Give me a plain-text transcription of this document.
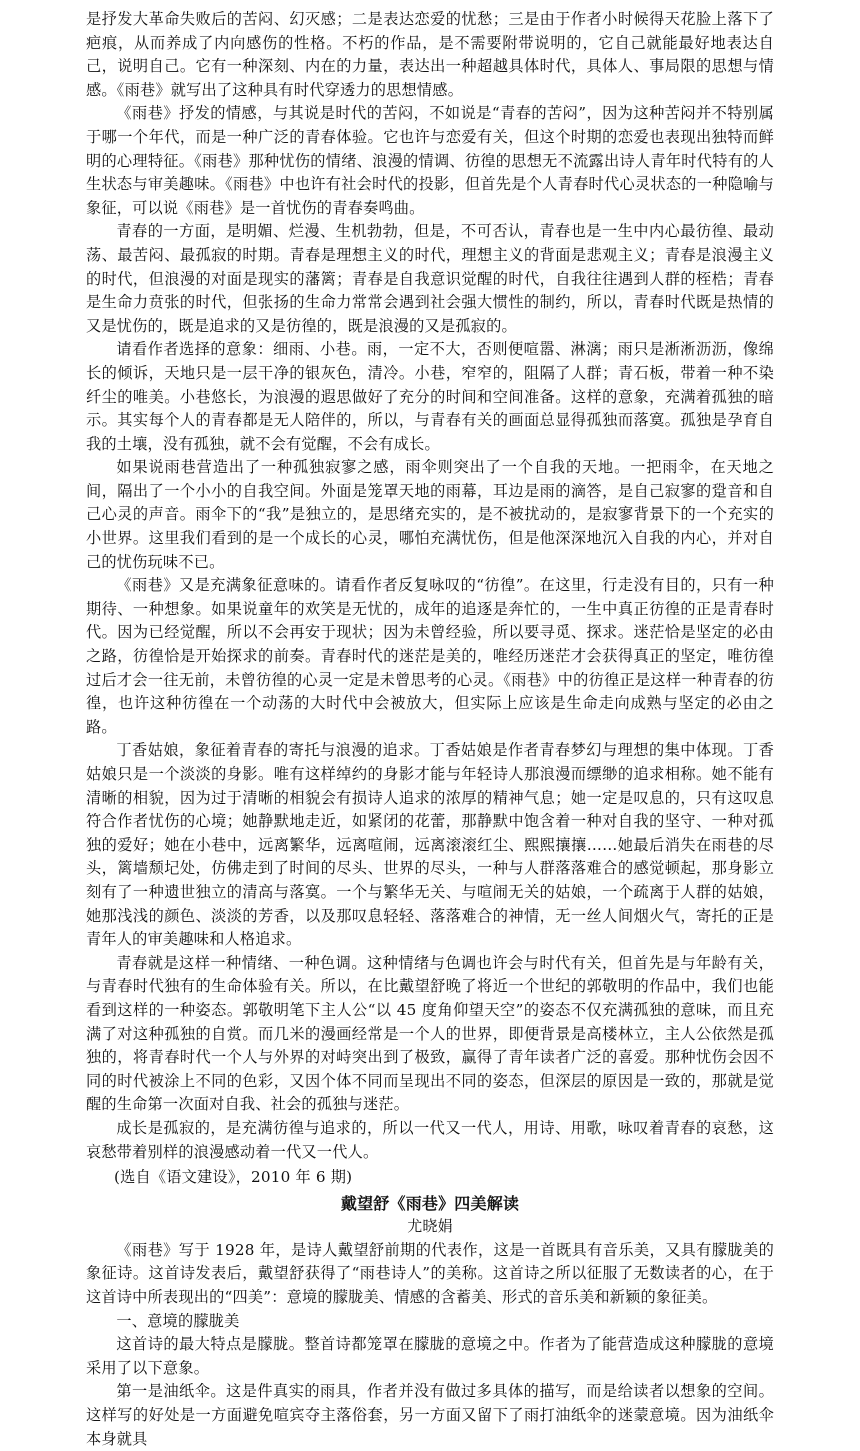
是抒发大革命失败后的苦闷、幻灭感；二是表达恋爱的忧愁；三是由于作者小时候得天花脸上落下了疤痕，从而养成了内向感伤的性格。不朽的作品，是不需要附带说明的，它自己就能最好地表达自己，说明自己。它有一种深刻、内在的力量，表达出一种超越具体时代，具体人、事局限的思想与情感。《雨巷》就写出了这种具有时代穿透力的思想情感。

《雨巷》抒发的情感，与其说是时代的苦闷，不如说是“青春的苦闷”，因为这种苦闷并不特别属于哪一个年代，而是一种广泛的青春体验。它也许与恋爱有关，但这个时期的恋爱也表现出独特而鲜明的心理特征。《雨巷》那种忧伤的情绪、浪漫的情调、彷徨的思想无不流露出诗人青年时代特有的人生状态与审美趣味。《雨巷》中也许有社会时代的投影，但首先是个人青春时代心灵状态的一种隐喻与象征，可以说《雨巷》是一首忧伤的青春奏鸣曲。

青春的一方面，是明媚、烂漫、生机勃勃，但是，不可否认，青春也是一生中内心最彷徨、最动荡、最苦闷、最孤寂的时期。青春是理想主义的时代，理想主义的背面是悲观主义；青春是浪漫主义的时代，但浪漫的对面是现实的藩篱；青春是自我意识觉醒的时代，自我往往遇到人群的桎梏；青春是生命力贲张的时代，但张扬的生命力常常会遇到社会强大惯性的制约，所以，青春时代既是热情的又是忧伤的，既是追求的又是彷徨的，既是浪漫的又是孤寂的。

请看作者选择的意象：细雨、小巷。雨，一定不大，否则便喧嚣、淋漓；雨只是淅淅沥沥，像绵长的倾诉，天地只是一层干净的银灰色，清冷。小巷，窄窄的，阻隔了人群；青石板，带着一种不染纤尘的唯美。小巷悠长，为浪漫的遐思做好了充分的时间和空间准备。这样的意象，充满着孤独的暗示。其实每个人的青春都是无人陪伴的，所以，与青春有关的画面总显得孤独而落寞。孤独是孕育自我的土壤，没有孤独，就不会有觉醒，不会有成长。

如果说雨巷营造出了一种孤独寂寥之感，雨伞则突出了一个自我的天地。一把雨伞，在天地之间，隔出了一个小小的自我空间。外面是笼罩天地的雨幕，耳边是雨的滴答，是自己寂寥的跫音和自己心灵的声音。雨伞下的“我”是独立的，是思绪充实的，是不被扰动的，是寂寥背景下的一个充实的小世界。这里我们看到的是一个成长的心灵，哪怕充满忧伤，但是他深深地沉入自我的内心，并对自己的忧伤玩味不已。

《雨巷》又是充满象征意味的。请看作者反复咏叹的“彷徨”。在这里，行走没有目的，只有一种期待、一种想象。如果说童年的欢笑是无忧的，成年的追逐是奔忙的，一生中真正彷徨的正是青春时代。因为已经觉醒，所以不会再安于现状；因为未曾经验，所以要寻觅、探求。迷茫恰是坚定的必由之路，彷徨恰是开始探求的前奏。青春时代的迷茫是美的，唯经历迷茫才会获得真正的坚定，唯彷徨过后才会一往无前，未曾彷徨的心灵一定是未曾思考的心灵。《雨巷》中的彷徨正是这样一种青春的彷徨，也许这种彷徨在一个动荡的大时代中会被放大，但实际上应该是生命走向成熟与坚定的必由之路。

丁香姑娘，象征着青春的寄托与浪漫的追求。丁香姑娘是作者青春梦幻与理想的集中体现。丁香姑娘只是一个淡淡的身影。唯有这样绰约的身影才能与年轻诗人那浪漫而缥缈的追求相称。她不能有清晰的相貌，因为过于清晰的相貌会有损诗人追求的浓厚的精神气息；她一定是叹息的，只有这叹息符合作者忧伤的心境；她静默地走近，如紧闭的花蕾，那静默中饱含着一种对自我的坚守、一种对孤独的爱好；她在小巷中，远离繁华，远离喧闹，远离滚滚红尘、熙熙攘攘……她最后消失在雨巷的尽头，篱墙颓圮处，仿佛走到了时间的尽头、世界的尽头，一种与人群落落难合的感觉顿起，那身影立刻有了一种遗世独立的清高与落寞。一个与繁华无关、与喧闹无关的姑娘，一个疏离于人群的姑娘，她那浅浅的颜色、淡淡的芳香，以及那叹息轻轻、落落难合的神情，无一丝人间烟火气，寄托的正是青年人的审美趣味和人格追求。

青春就是这样一种情绪、一种色调。这种情绪与色调也许会与时代有关，但首先是与年龄有关，与青春时代独有的生命体验有关。所以，在比戴望舒晚了将近一个世纪的郭敬明的作品中，我们也能看到这样的一种姿态。郭敬明笔下主人公“以 45 度角仰望天空”的姿态不仅充满孤独的意味，而且充满了对这种孤独的自赏。而几米的漫画经常是一个人的世界，即便背景是高楼林立，主人公依然是孤独的，将青春时代一个人与外界的对峙突出到了极致，赢得了青年读者广泛的喜爱。那种忧伤会因不同的时代被涂上不同的色彩，又因个体不同而呈现出不同的姿态，但深层的原因是一致的，那就是觉醒的生命第一次面对自我、社会的孤独与迷茫。

成长是孤寂的，是充满彷徨与追求的，所以一代又一代人，用诗、用歌，咏叹着青春的哀愁，这哀愁带着别样的浪漫感动着一代又一代人。

(选自《语文建设》，2010 年 6 期)

戴望舒《雨巷》四美解读

尤晓娟

《雨巷》写于 1928 年，是诗人戴望舒前期的代表作，这是一首既具有音乐美，又具有朦胧美的象征诗。这首诗发表后，戴望舒获得了“雨巷诗人”的美称。这首诗之所以征服了无数读者的心，在于这首诗中所表现出的“四美”：意境的朦胧美、情感的含蓄美、形式的音乐美和新颖的象征美。

一、意境的朦胧美

这首诗的最大特点是朦胧。整首诗都笼罩在朦胧的意境之中。作者为了能营造成这种朦胧的意境采用了以下意象。

第一是油纸伞。这是件真实的雨具，作者并没有做过多具体的描写，而是给读者以想象的空间。这样写的好处是一方面避免喧宾夺主落俗套，另一方面又留下了雨打油纸伞的迷蒙意境。因为油纸伞本身就具
